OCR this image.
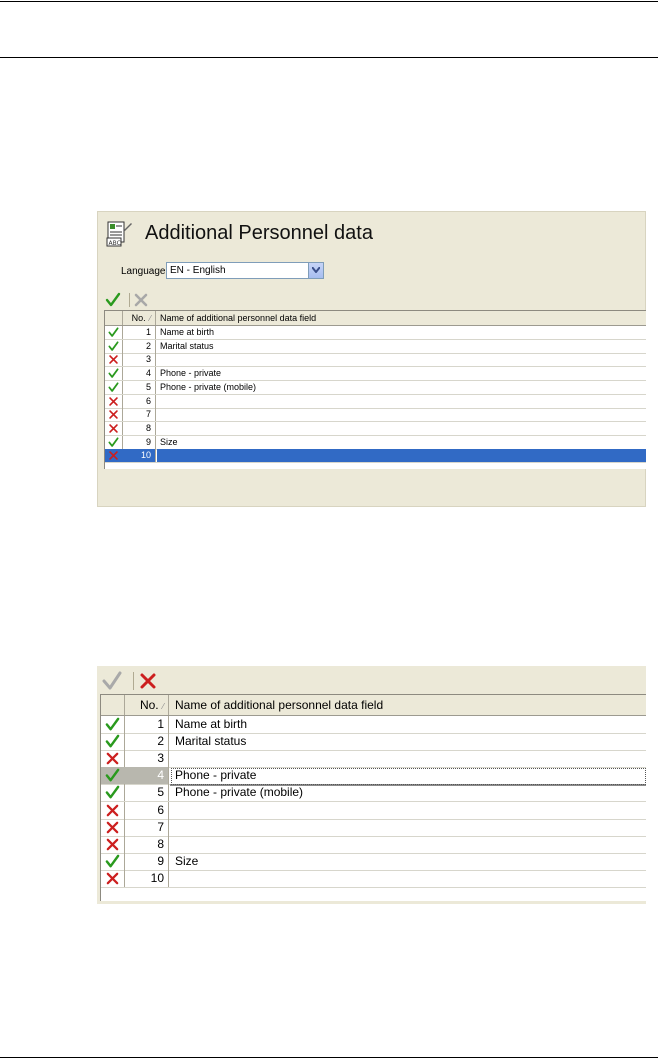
ABC Additional Personnel data
Language EN - English
No. ⁄	Name of additional personnel data field
1	Name at birth
2	Marital status
3
4	Phone - private
5	Phone - private (mobile)
6
7
8
9	Size
10
No. ⁄ Name of additional personnel data field
1 Name at birth
2 Marital status
3
4 Phone - private
5 Phone - private (mobile)
6
7
8
9 Size
10
